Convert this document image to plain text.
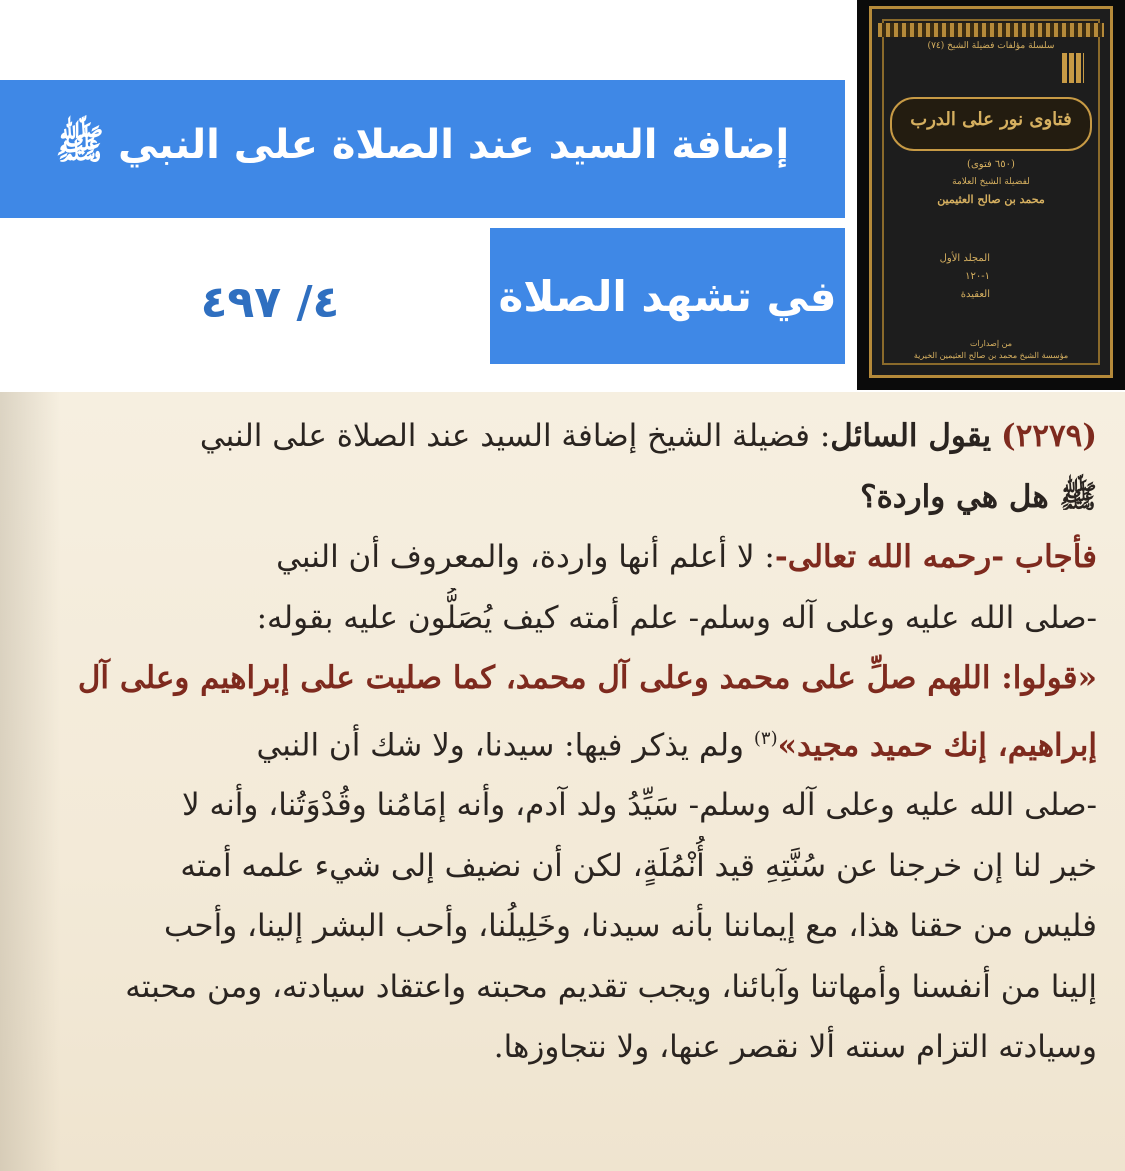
إضافة السيد عند الصلاة على النبي ﷺ
في تشهد الصلاة
٤/ ٤٩٧
سلسلة مؤلفات فضيلة الشيخ (٧٤)
فتاوى نور على الدرب
(٦٥٠ فتوى)
لفضيلة الشيخ العلامة
محمد بن صالح العثيمين
المجلد الأول
١-١٢٠
العقيدة
من إصدارات
مؤسسة الشيخ محمد بن صالح العثيمين الخيرية
(٢٢٧٩) يقول السائل: فضيلة الشيخ إضافة السيد عند الصلاة على النبي
ﷺ هل هي واردة؟
فأجاب -رحمه الله تعالى-: لا أعلم أنها واردة، والمعروف أن النبي
-صلى الله عليه وعلى آله وسلم- علم أمته كيف يُصَلُّون عليه بقوله:
«قولوا: اللهم صلِّ على محمد وعلى آل محمد، كما صليت على إبراهيم وعلى آل
إبراهيم، إنك حميد مجيد»$^{(٣)}$ ولم يذكر فيها: سيدنا، ولا شك أن النبي
-صلى الله عليه وعلى آله وسلم- سَيِّدُ ولد آدم، وأنه إمَامُنا وقُدْوَتُنا، وأنه لا
خير لنا إن خرجنا عن سُنَّتِهِ قيد أُنْمُلَةٍ، لكن أن نضيف إلى شيء علمه أمته
فليس من حقنا هذا، مع إيماننا بأنه سيدنا، وخَلِيلُنا، وأحب البشر إلينا، وأحب
إلينا من أنفسنا وأمهاتنا وآبائنا، ويجب تقديم محبته واعتقاد سيادته، ومن محبته
وسيادته التزام سنته ألا نقصر عنها، ولا نتجاوزها.
